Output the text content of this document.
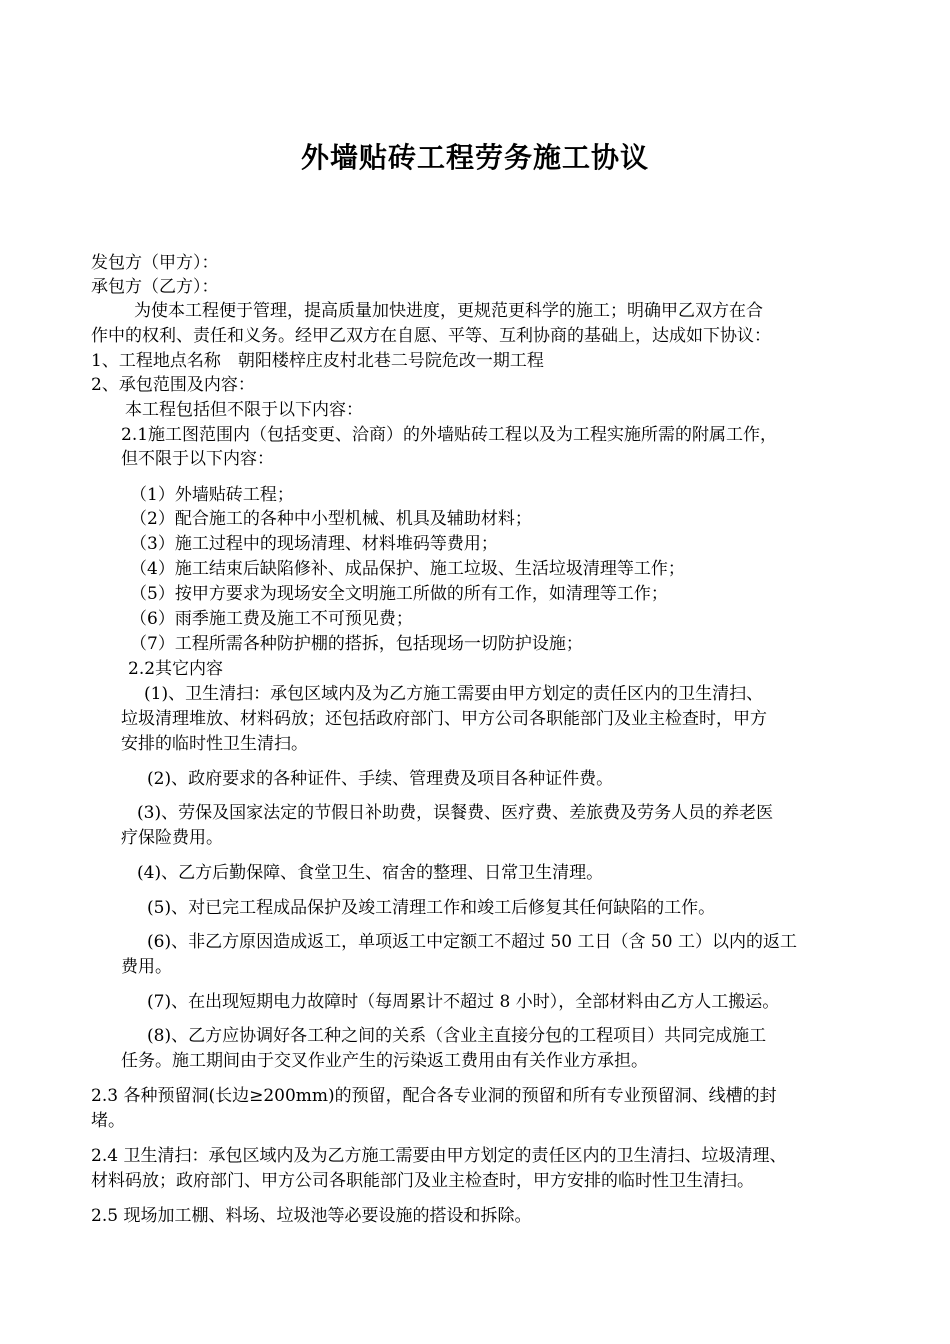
外墙贴砖工程劳务施工协议
发包方（甲方）：
承包方（乙方）：
为使本工程便于管理，提高质量加快进度，更规范更科学的施工；明确甲乙双方在合
作中的权利、责任和义务。经甲乙双方在自愿、平等、互利协商的基础上，达成如下协议：
1、工程地点名称　朝阳楼梓庄皮村北巷二号院危改一期工程
2、承包范围及内容：
本工程包括但不限于以下内容：
2.1施工图范围内（包括变更、洽商）的外墙贴砖工程以及为工程实施所需的附属工作，
但不限于以下内容：
（1）外墙贴砖工程；
（2）配合施工的各种中小型机械、机具及辅助材料；
（3）施工过程中的现场清理、材料堆码等费用；
（4）施工结束后缺陷修补、成品保护、施工垃圾、生活垃圾清理等工作；
（5）按甲方要求为现场安全文明施工所做的所有工作，如清理等工作；
（6）雨季施工费及施工不可预见费；
（7）工程所需各种防护棚的搭拆，包括现场一切防护设施；
2.2其它内容
(1)、卫生清扫：承包区域内及为乙方施工需要由甲方划定的责任区内的卫生清扫、
垃圾清理堆放、材料码放；还包括政府部门、甲方公司各职能部门及业主检查时，甲方
安排的临时性卫生清扫。
(2)、政府要求的各种证件、手续、管理费及项目各种证件费。
(3)、劳保及国家法定的节假日补助费，误餐费、医疗费、差旅费及劳务人员的养老医
疗保险费用。
(4)、乙方后勤保障、食堂卫生、宿舍的整理、日常卫生清理。
(5)、对已完工程成品保护及竣工清理工作和竣工后修复其任何缺陷的工作。
(6)、非乙方原因造成返工，单项返工中定额工不超过 50 工日（含 50 工）以内的返工
费用。
(7)、在出现短期电力故障时（每周累计不超过 8 小时），全部材料由乙方人工搬运。
(8)、乙方应协调好各工种之间的关系（含业主直接分包的工程项目）共同完成施工
任务。施工期间由于交叉作业产生的污染返工费用由有关作业方承担。
2.3 各种预留洞(长边≥200mm)的预留，配合各专业洞的预留和所有专业预留洞、线槽的封
堵。
2.4 卫生清扫：承包区域内及为乙方施工需要由甲方划定的责任区内的卫生清扫、垃圾清理、
材料码放；政府部门、甲方公司各职能部门及业主检查时，甲方安排的临时性卫生清扫。
2.5 现场加工棚、料场、垃圾池等必要设施的搭设和拆除。
